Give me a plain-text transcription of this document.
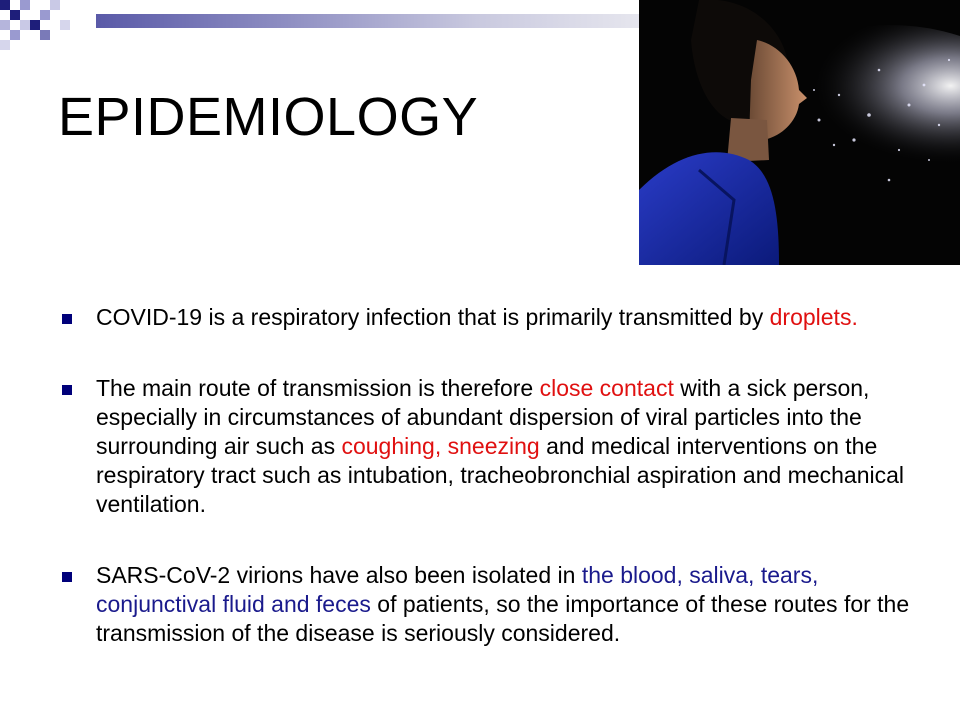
EPIDEMIOLOGY
COVID-19 is a respiratory infection that is primarily transmitted by droplets.
The main route of transmission is therefore close contact with a sick person, especially in circumstances of abundant dispersion of viral particles into the surrounding air such as coughing, sneezing and medical interventions on the respiratory tract such as intubation, tracheobronchial aspiration and mechanical ventilation.
SARS-CoV-2 virions have also been isolated in the blood, saliva, tears, conjunctival fluid and feces of patients, so the importance of these routes for the transmission of the disease is seriously considered.
